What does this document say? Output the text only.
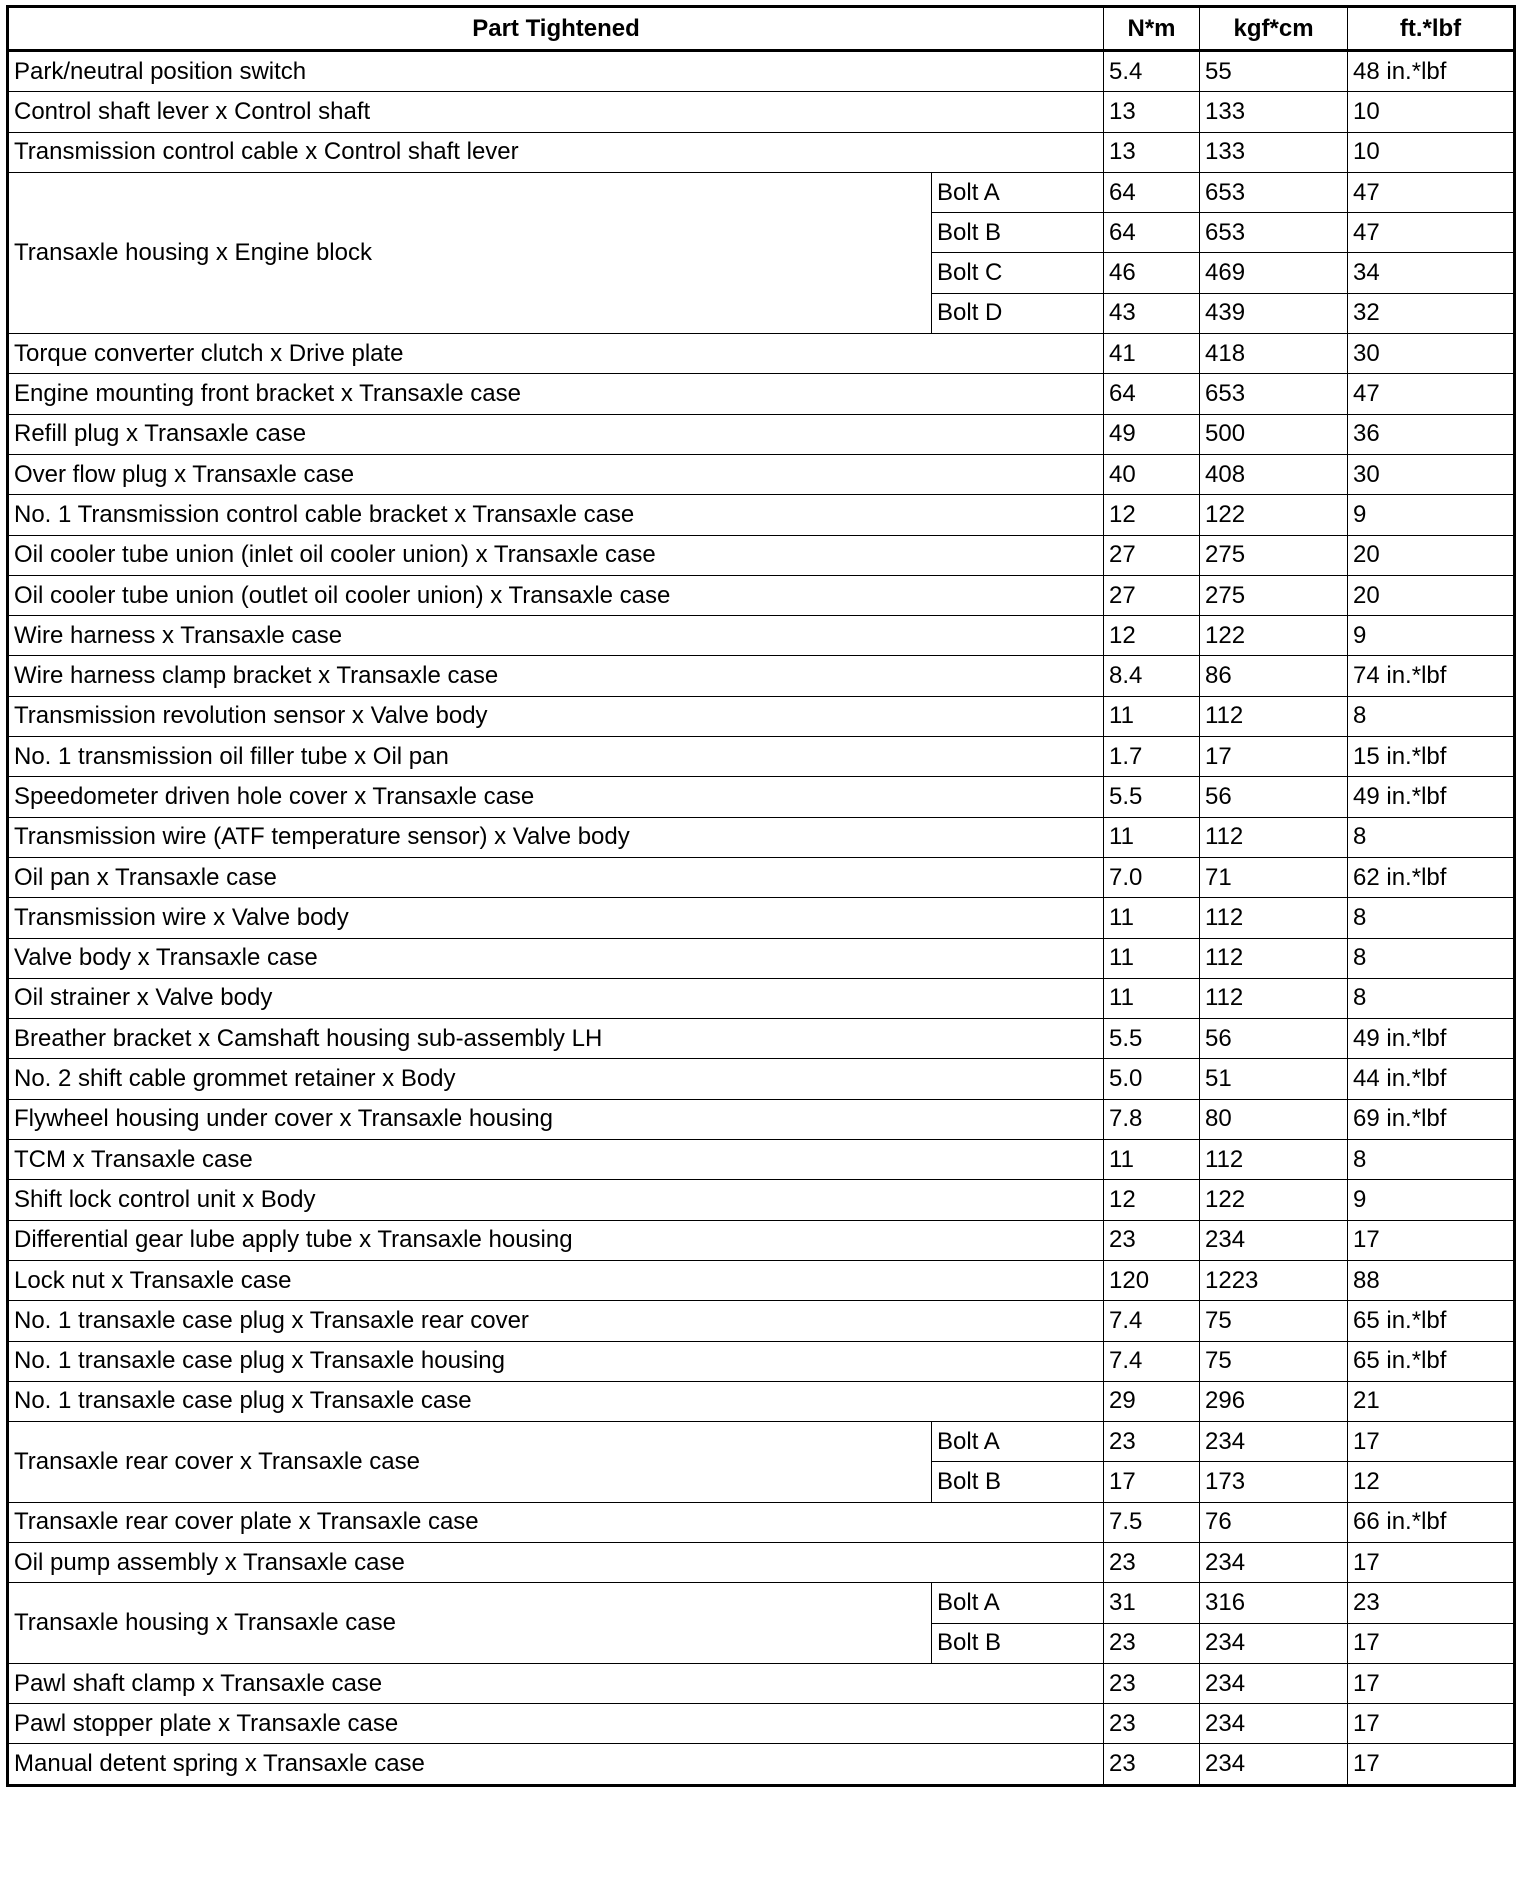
Part Tightened		N*m	kgf*cm	ft.*lbf
Park/neutral position switch		5.4	55	48 in.*lbf
Control shaft lever x Control shaft		13	133	10
Transmission control cable x Control shaft lever		13	133	10
Transaxle housing x Engine block	Bolt A	64	653	47
	Bolt B	64	653	47
	Bolt C	46	469	34
	Bolt D	43	439	32
Torque converter clutch x Drive plate		41	418	30
Engine mounting front bracket x Transaxle case		64	653	47
Refill plug x Transaxle case		49	500	36
Over flow plug x Transaxle case		40	408	30
No. 1 Transmission control cable bracket x Transaxle case		12	122	9
Oil cooler tube union (inlet oil cooler union) x Transaxle case		27	275	20
Oil cooler tube union (outlet oil cooler union) x Transaxle case		27	275	20
Wire harness x Transaxle case		12	122	9
Wire harness clamp bracket x Transaxle case		8.4	86	74 in.*lbf
Transmission revolution sensor x Valve body		11	112	8
No. 1 transmission oil filler tube x Oil pan		1.7	17	15 in.*lbf
Speedometer driven hole cover x Transaxle case		5.5	56	49 in.*lbf
Transmission wire (ATF temperature sensor) x Valve body		11	112	8
Oil pan x Transaxle case		7.0	71	62 in.*lbf
Transmission wire x Valve body		11	112	8
Valve body x Transaxle case		11	112	8
Oil strainer x Valve body		11	112	8
Breather bracket x Camshaft housing sub-assembly LH		5.5	56	49 in.*lbf
No. 2 shift cable grommet retainer x Body		5.0	51	44 in.*lbf
Flywheel housing under cover x Transaxle housing		7.8	80	69 in.*lbf
TCM x Transaxle case		11	112	8
Shift lock control unit x Body		12	122	9
Differential gear lube apply tube x Transaxle housing		23	234	17
Lock nut x Transaxle case		120	1223	88
No. 1 transaxle case plug x Transaxle rear cover		7.4	75	65 in.*lbf
No. 1 transaxle case plug x Transaxle housing		7.4	75	65 in.*lbf
No. 1 transaxle case plug x Transaxle case		29	296	21
Transaxle rear cover x Transaxle case	Bolt A	23	234	17
	Bolt B	17	173	12
Transaxle rear cover plate x Transaxle case		7.5	76	66 in.*lbf
Oil pump assembly x Transaxle case		23	234	17
Transaxle housing x Transaxle case	Bolt A	31	316	23
	Bolt B	23	234	17
Pawl shaft clamp x Transaxle case		23	234	17
Pawl stopper plate x Transaxle case		23	234	17
Manual detent spring x Transaxle case		23	234	17
